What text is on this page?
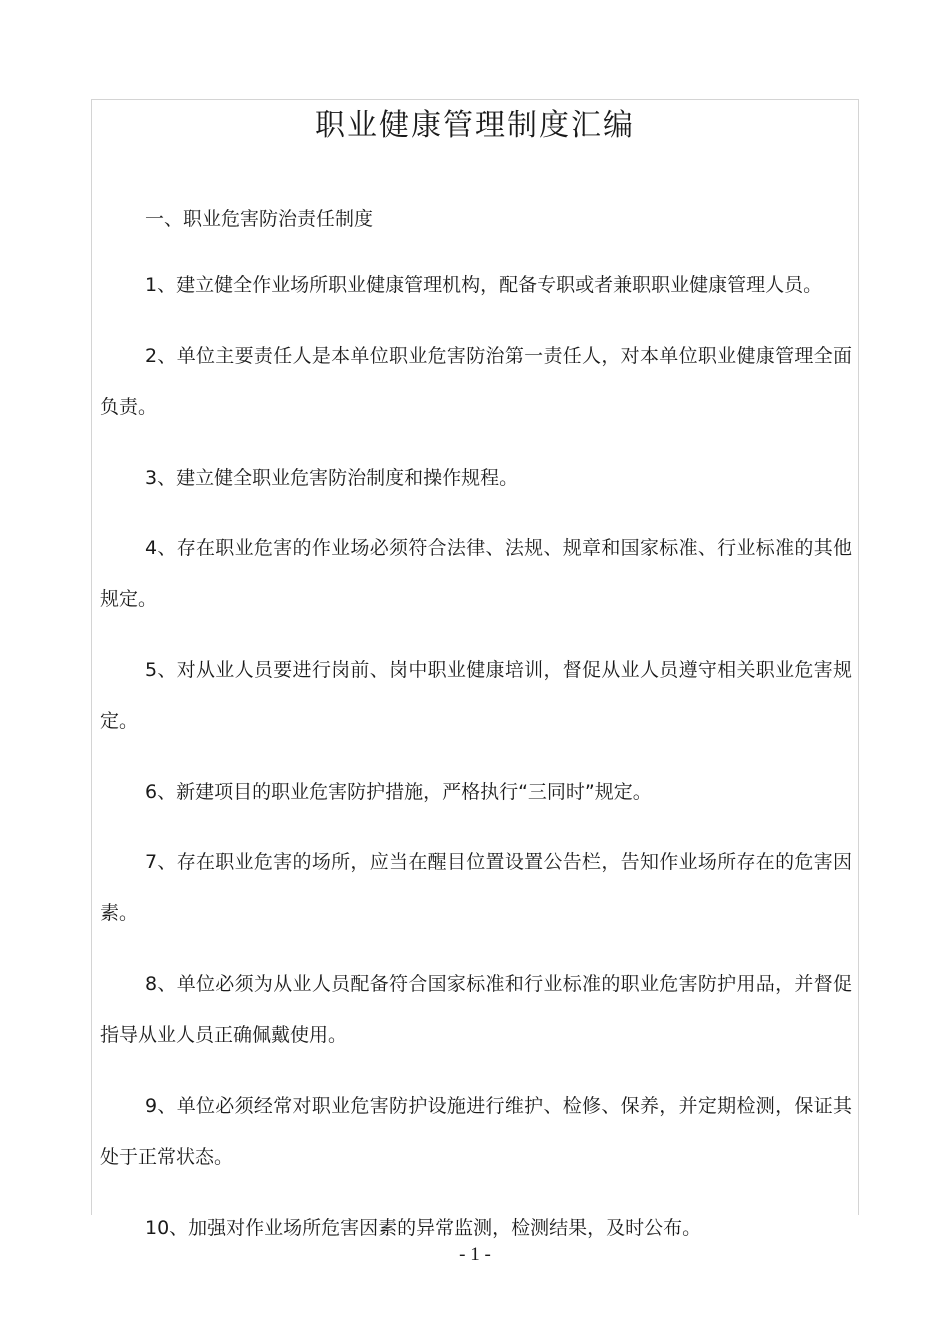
职业健康管理制度汇编

一、职业危害防治责任制度

1、建立健全作业场所职业健康管理机构，配备专职或者兼职职业健康管理人员。

2、单位主要责任人是本单位职业危害防治第一责任人，对本单位职业健康管理全面负责。

3、建立健全职业危害防治制度和操作规程。

4、存在职业危害的作业场必须符合法律、法规、规章和国家标准、行业标准的其他规定。

5、对从业人员要进行岗前、岗中职业健康培训，督促从业人员遵守相关职业危害规定。

6、新建项目的职业危害防护措施，严格执行“三同时”规定。

7、存在职业危害的场所，应当在醒目位置设置公告栏，告知作业场所存在的危害因素。

8、单位必须为从业人员配备符合国家标准和行业标准的职业危害防护用品，并督促指导从业人员正确佩戴使用。

9、单位必须经常对职业危害防护设施进行维护、检修、保养，并定期检测，保证其处于正常状态。

10、加强对作业场所危害因素的异常监测，检测结果，及时公布。

- 1 -
